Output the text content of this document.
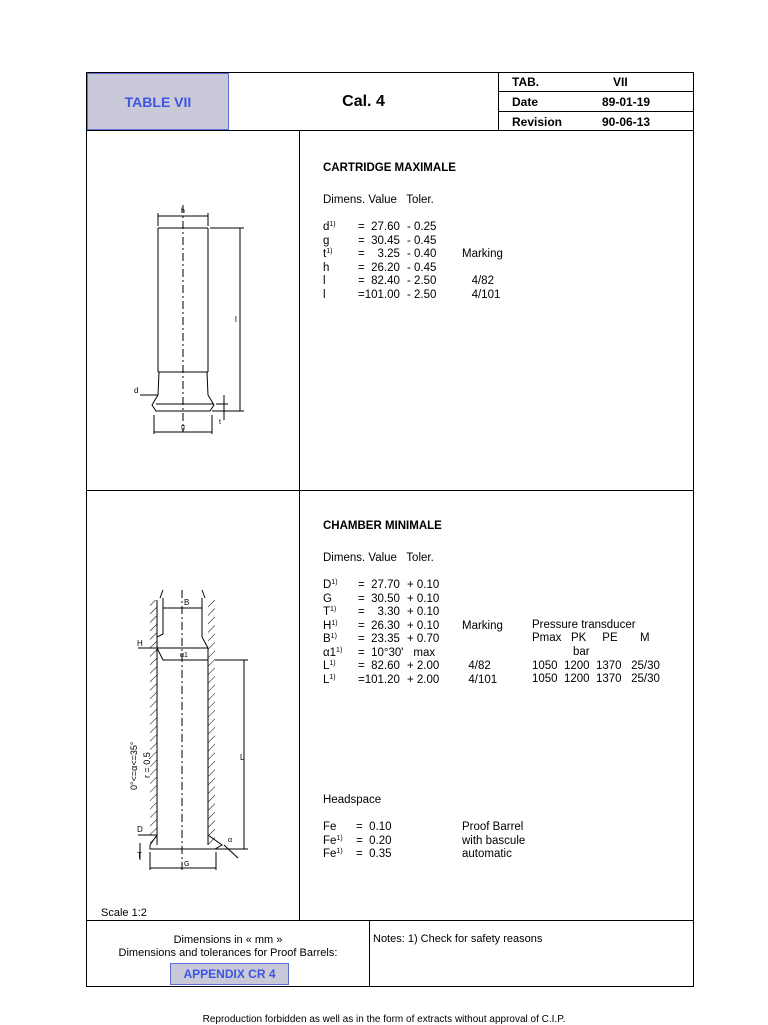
TABLE VII	Cal. 4
TAB.	VII
Date	89-01-19
Revision	90-06-13
h
l
d
g
t
CARTRIDGE MAXIMALE
Dimens. Value   Toler.
$d^{1)} = 27.60 - 0.25$
g =  30.45 - 0.45
$t^{1)}$ =    3.25 - 0.40 Marking
h =  26.20 - 0.45
l	=  82.40 - 2.50   4/82
l	=101.00 - 2.50   4/101
B
H
α1
0°<=α<=35° r = 0.5	L
D
T
G
α
CHAMBER MINIMALE
Dimens. Value   Toler.
$D^{1)} = 27.70 + 0.10$
G =  30.50 + 0.10
$T^{1)}$ =    3.30 + 0.10
$H^{1)} = 26.30 + 0.10$ Marking
$B^{1)} = 23.35 + 0.70$
$\alpha 1^{1)} = 10^\circ 30'$  max
$L^{1)} = 82.60 + 2.00$  4/82
$L^{1)} =101.20 + 2.00$  4/101
Pressure transducer
Pmax   PK     PE       M
bar
1050  1200  1370   25/30
1050  1200  1370   25/30
Headspace
Fe =  0.10	Proof Barrel
$Fe^{1)} = 0.20$	with bascule
$Fe^{1)} = 0.35$	automatic
Scale 1:2
Dimensions in « mm »
Dimensions and tolerances for Proof Barrels:
APPENDIX CR 4
Notes: 1) Check for safety reasons
Reproduction forbidden as well as in the form of extracts without approval of C.I.P.
